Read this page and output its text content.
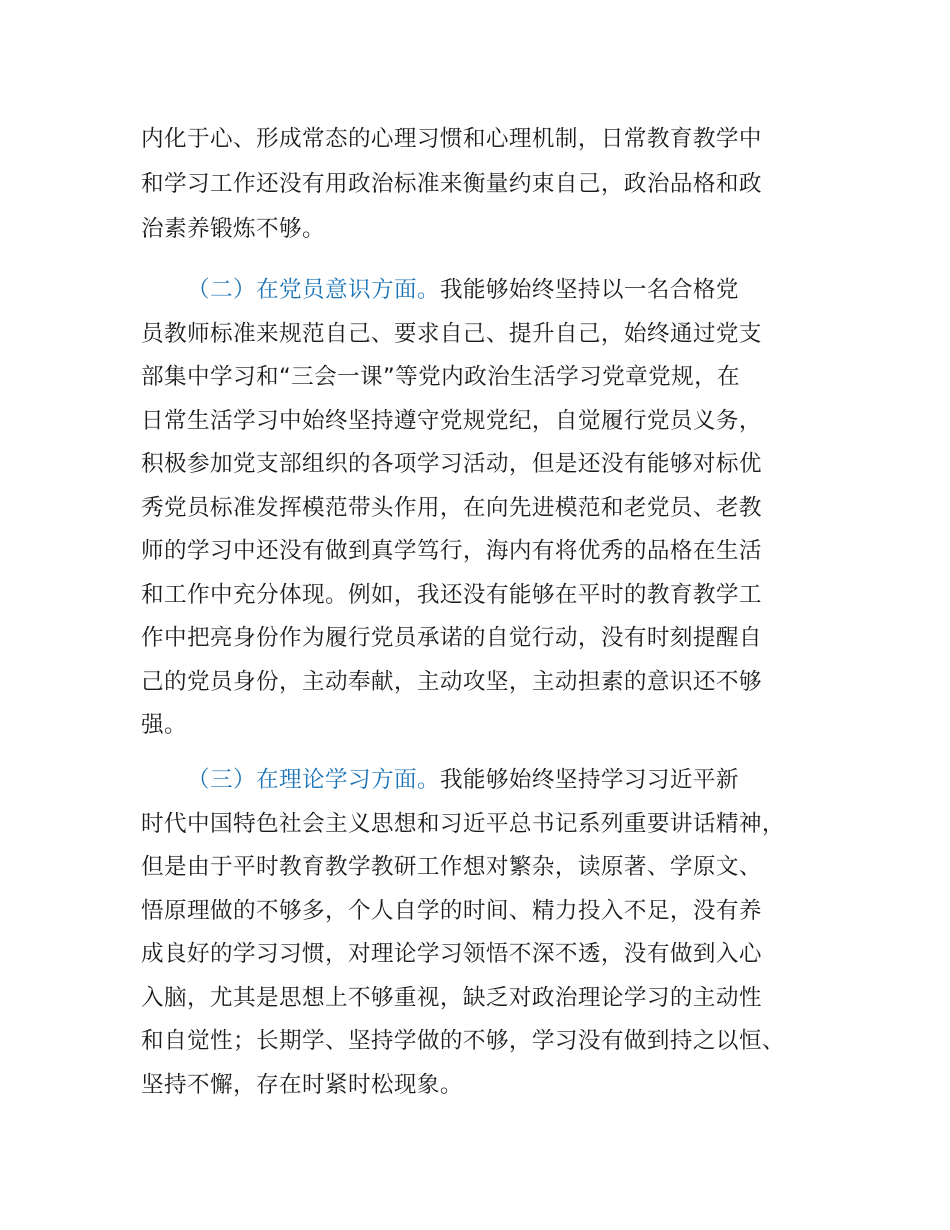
内化于心、形成常态的心理习惯和心理机制，日常教育教学中
和学习工作还没有用政治标准来衡量约束自己，政治品格和政
治素养锻炼不够。
（二）在党员意识方面。我能够始终坚持以一名合格党
员教师标准来规范自己、要求自己、提升自己，始终通过党支
部集中学习和“三会一课”等党内政治生活学习党章党规，在
日常生活学习中始终坚持遵守党规党纪，自觉履行党员义务，
积极参加党支部组织的各项学习活动，但是还没有能够对标优
秀党员标准发挥模范带头作用，在向先进模范和老党员、老教
师的学习中还没有做到真学笃行，海内有将优秀的品格在生活
和工作中充分体现。例如，我还没有能够在平时的教育教学工
作中把亮身份作为履行党员承诺的自觉行动，没有时刻提醒自
己的党员身份，主动奉献，主动攻坚，主动担素的意识还不够
强。
（三）在理论学习方面。我能够始终坚持学习习近平新
时代中国特色社会主义思想和习近平总书记系列重要讲话精神，
但是由于平时教育教学教研工作想对繁杂，读原著、学原文、
悟原理做的不够多，个人自学的时间、精力投入不足，没有养
成良好的学习习惯，对理论学习领悟不深不透，没有做到入心
入脑，尤其是思想上不够重视，缺乏对政治理论学习的主动性
和自觉性；长期学、坚持学做的不够，学习没有做到持之以恒、
坚持不懈，存在时紧时松现象。
